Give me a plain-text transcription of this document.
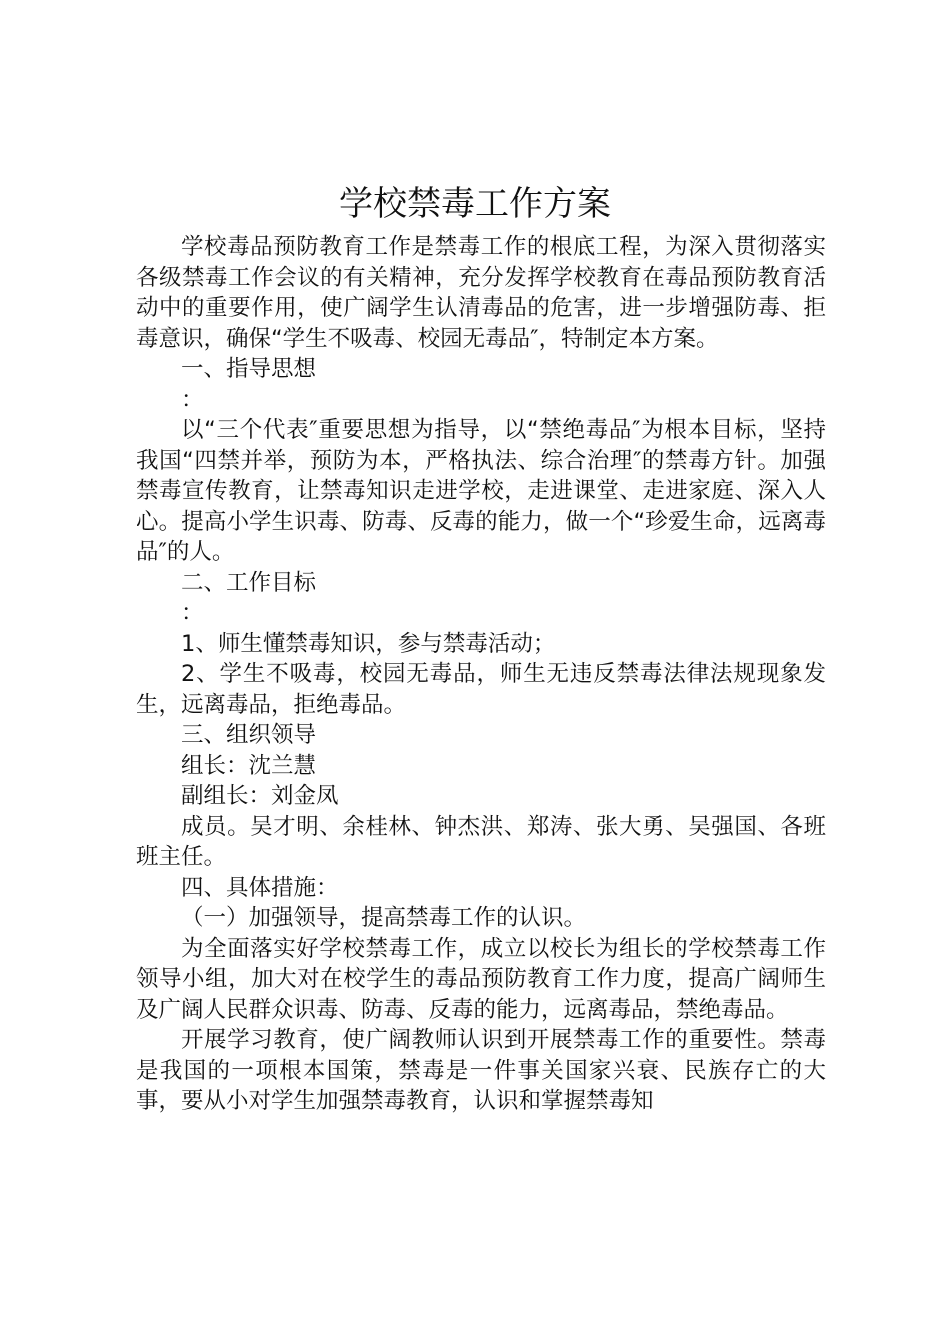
学校禁毒工作方案

学校毒品预防教育工作是禁毒工作的根底工程，为深入贯彻落实各级禁毒工作会议的有关精神，充分发挥学校教育在毒品预防教育活动中的重要作用，使广阔学生认清毒品的危害，进一步增强防毒、拒毒意识，确保“学生不吸毒、校园无毒品″，特制定本方案。

一、指导思想

：

以“三个代表″重要思想为指导，以“禁绝毒品″为根本目标，坚持我国“四禁并举，预防为本，严格执法、综合治理″的禁毒方针。加强禁毒宣传教育，让禁毒知识走进学校，走进课堂、走进家庭、深入人心。提高小学生识毒、防毒、反毒的能力，做一个“珍爱生命，远离毒品″的人。

二、工作目标

：

1、师生懂禁毒知识，参与禁毒活动；

2、学生不吸毒，校园无毒品，师生无违反禁毒法律法规现象发生，远离毒品，拒绝毒品。

三、组织领导

组长：沈兰慧

副组长：刘金凤

成员。吴才明、余桂林、钟杰洪、郑涛、张大勇、吴强国、各班班主任。

四、具体措施：

（一）加强领导，提高禁毒工作的认识。

为全面落实好学校禁毒工作，成立以校长为组长的学校禁毒工作领导小组，加大对在校学生的毒品预防教育工作力度，提高广阔师生及广阔人民群众识毒、防毒、反毒的能力，远离毒品，禁绝毒品。

开展学习教育，使广阔教师认识到开展禁毒工作的重要性。禁毒是我国的一项根本国策，禁毒是一件事关国家兴衰、民族存亡的大事，要从小对学生加强禁毒教育，认识和掌握禁毒知
